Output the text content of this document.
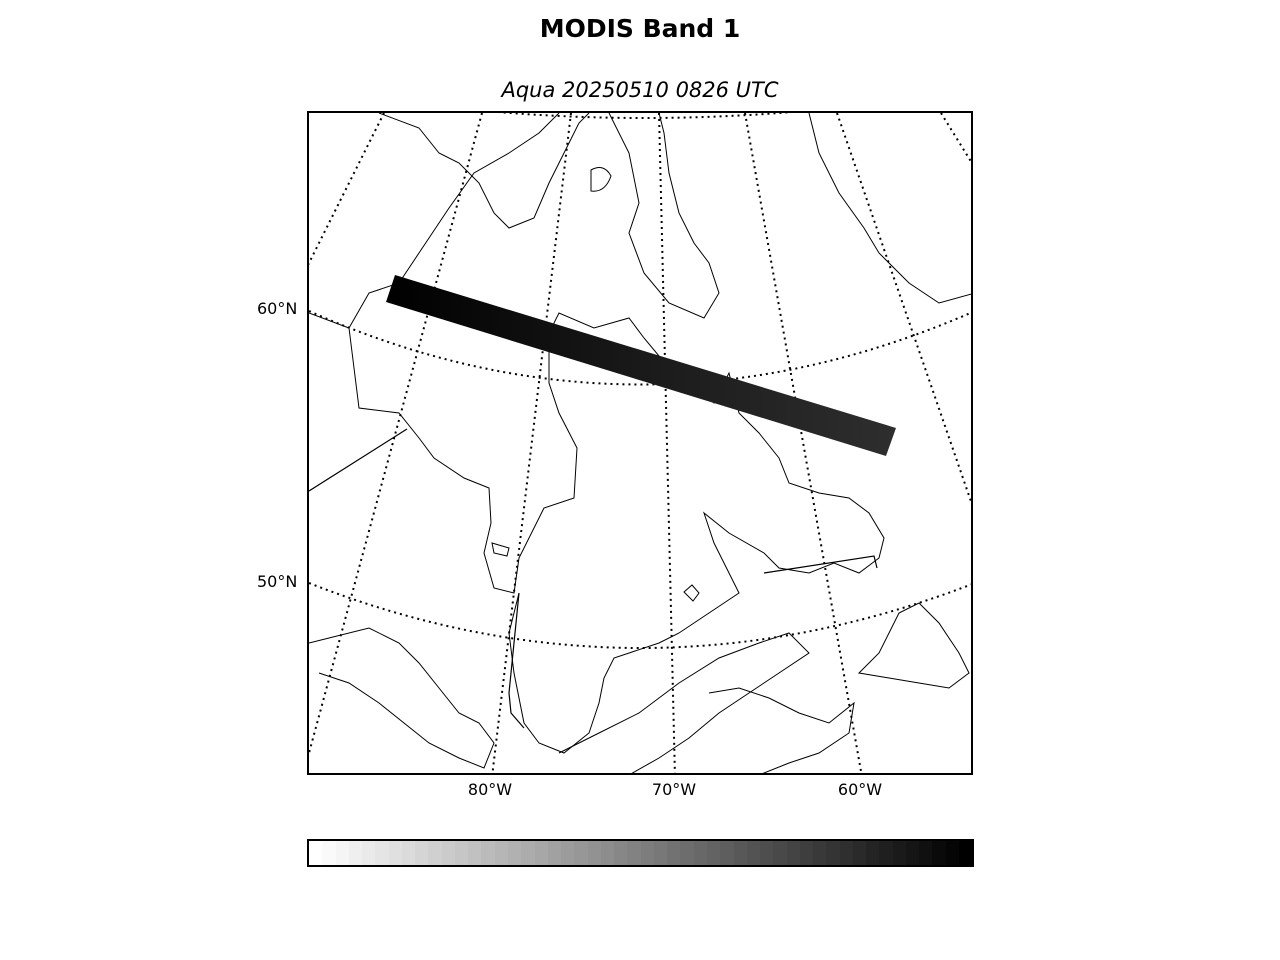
MODIS Band 1
Aqua 20250510 0826 UTC
60°N
50°N
80°W	70°W	60°W
